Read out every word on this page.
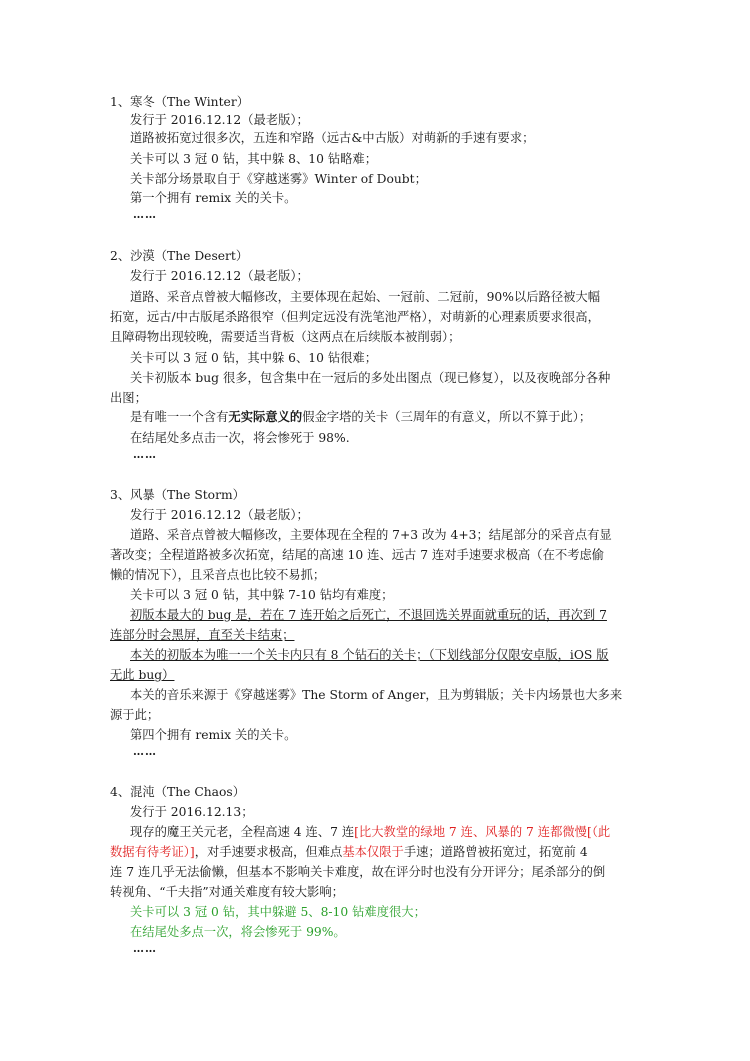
1、寒冬（The Winter）
发行于 2016.12.12（最老版）；
道路被拓宽过很多次，五连和窄路（远古&中古版）对萌新的手速有要求；
关卡可以 3 冠 0 钻，其中躲 8、10 钻略难；
关卡部分场景取自于《穿越迷雾》Winter of Doubt；
第一个拥有 remix 关的关卡。
……
2、沙漠（The Desert）
发行于 2016.12.12（最老版）；
道路、采音点曾被大幅修改，主要体现在起始、一冠前、二冠前，90%以后路径被大幅
拓宽，远古/中古版尾杀路很窄（但判定远没有洗笔池严格），对萌新的心理素质要求很高，
且障碍物出现较晚，需要适当背板（这两点在后续版本被削弱）；
关卡可以 3 冠 0 钻，其中躲 6、10 钻很难；
关卡初版本 bug 很多，包含集中在一冠后的多处出图点（现已修复），以及夜晚部分各种
出图；
是有唯一一个含有无实际意义的假金字塔的关卡（三周年的有意义，所以不算于此）；
在结尾处多点击一次，将会惨死于 98%.
……
3、风暴（The Storm）
发行于 2016.12.12（最老版）；
道路、采音点曾被大幅修改，主要体现在全程的 7+3 改为 4+3；结尾部分的采音点有显
著改变；全程道路被多次拓宽，结尾的高速 10 连、远古 7 连对手速要求极高（在不考虑偷
懒的情况下），且采音点也比较不易抓；
关卡可以 3 冠 0 钻，其中躲 7-10 钻均有难度；
初版本最大的 bug 是，若在 7 连开始之后死亡，不退回选关界面就重玩的话，再次到 7
连部分时会黑屏，直至关卡结束；
本关的初版本为唯一一个关卡内只有 8 个钻石的关卡；（下划线部分仅限安卓版，iOS 版
无此 bug）
本关的音乐来源于《穿越迷雾》The Storm of Anger，且为剪辑版；关卡内场景也大多来
源于此；
第四个拥有 remix 关的关卡。
……
4、混沌（The Chaos）
发行于 2016.12.13；
现存的魔王关元老，全程高速 4 连、7 连[比大教堂的绿地 7 连、风暴的 7 连都微慢[（此
数据有待考证）]，对手速要求极高，但难点基本仅限于手速；道路曾被拓宽过，拓宽前 4
连 7 连几乎无法偷懒，但基本不影响关卡难度，故在评分时也没有分开评分；尾杀部分的倒
转视角、“千夫指”对通关难度有较大影响；
关卡可以 3 冠 0 钻，其中躲避 5、8-10 钻难度很大；
在结尾处多点一次，将会惨死于 99%。
……
